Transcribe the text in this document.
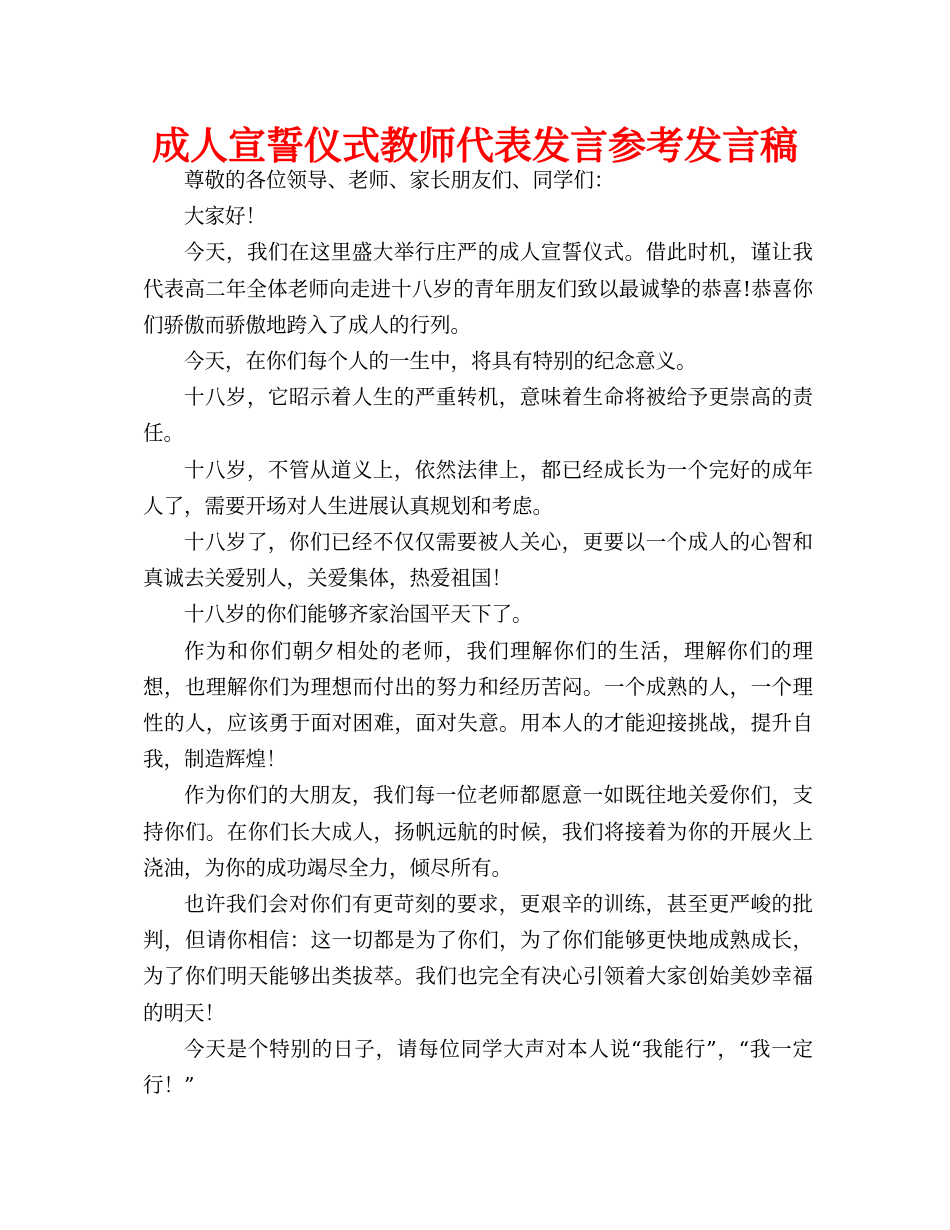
成人宣誓仪式教师代表发言参考发言稿

尊敬的各位领导、老师、家长朋友们、同学们：

大家好！

今天，我们在这里盛大举行庄严的成人宣誓仪式。借此时机，谨让我代表高二年全体老师向走进十八岁的青年朋友们致以最诚挚的恭喜!恭喜你们骄傲而骄傲地跨入了成人的行列。

今天，在你们每个人的一生中，将具有特别的纪念意义。

十八岁，它昭示着人生的严重转机，意味着生命将被给予更崇高的责任。

十八岁，不管从道义上，依然法律上，都已经成长为一个完好的成年人了，需要开场对人生进展认真规划和考虑。

十八岁了，你们已经不仅仅需要被人关心，更要以一个成人的心智和真诚去关爱别人，关爱集体，热爱祖国！

十八岁的你们能够齐家治国平天下了。

作为和你们朝夕相处的老师，我们理解你们的生活，理解你们的理想，也理解你们为理想而付出的努力和经历苦闷。一个成熟的人，一个理性的人，应该勇于面对困难，面对失意。用本人的才能迎接挑战，提升自我，制造辉煌！

作为你们的大朋友，我们每一位老师都愿意一如既往地关爱你们，支持你们。在你们长大成人，扬帆远航的时候，我们将接着为你的开展火上浇油，为你的成功竭尽全力，倾尽所有。

也许我们会对你们有更苛刻的要求，更艰辛的训练，甚至更严峻的批判，但请你相信：这一切都是为了你们，为了你们能够更快地成熟成长，为了你们明天能够出类拔萃。我们也完全有决心引领着大家创始美妙幸福的明天！

今天是个特别的日子，请每位同学大声对本人说“我能行”，“我一定行！”
